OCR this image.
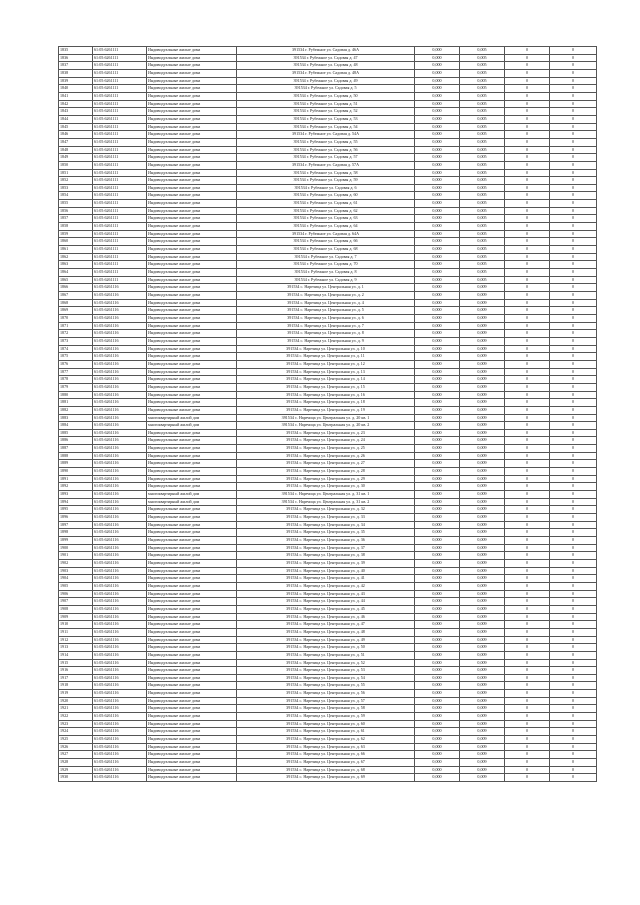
1835	61:05:6261111	Индивидуальные жилые дома	391534 г. Рубежное ул. Садовая д. 46А	0,000	0,005	0	0
1836	61:05:6261111	Индивидуальные жилые дома	391534 г. Рубежное ул. Садовая д. 47	0,000	0,005	0	0
1837	61:05:6261111	Индивидуальные жилые дома	391534 г. Рубежное ул. Садовая д. 48	0,000	0,005	0	0
1838	61:05:6261111	Индивидуальные жилые дома	391534 г. Рубежное ул. Садовая д. 48А	0,000	0,005	0	0
1839	61:05:6261111	Индивидуальные жилые дома	391534 г. Рубежное ул. Садовая д. 49	0,000	0,005	0	0
1840	61:05:6261111	Индивидуальные жилые дома	391534 г. Рубежное ул. Садовая д. 5	0,000	0,005	0	0
1841	61:05:6261111	Индивидуальные жилые дома	391534 г. Рубежное ул. Садовая д. 50	0,000	0,005	0	0
1842	61:05:6261111	Индивидуальные жилые дома	391534 г. Рубежное ул. Садовая д. 51	0,000	0,005	0	0
1843	61:05:6261111	Индивидуальные жилые дома	391534 г. Рубежное ул. Садовая д. 52	0,000	0,005	0	0
1844	61:05:6261111	Индивидуальные жилые дома	391534 г. Рубежное ул. Садовая д. 53	0,000	0,005	0	0
1845	61:05:6261111	Индивидуальные жилые дома	391534 г. Рубежное ул. Садовая д. 54	0,000	0,005	0	0
1846	61:05:6261111	Индивидуальные жилые дома	391534 г. Рубежное ул. Садовая д. 54А	0,000	0,005	0	0
1847	61:05:6261111	Индивидуальные жилые дома	391534 г. Рубежное ул. Садовая д. 55	0,000	0,005	0	0
1848	61:05:6261111	Индивидуальные жилые дома	391534 г. Рубежное ул. Садовая д. 56	0,000	0,005	0	0
1849	61:05:6261111	Индивидуальные жилые дома	391534 г. Рубежное ул. Садовая д. 57	0,000	0,005	0	0
1850	61:05:6261111	Индивидуальные жилые дома	391534 г. Рубежное ул. Садовая д. 57А	0,000	0,005	0	0
1851	61:05:6261111	Индивидуальные жилые дома	391534 г. Рубежное ул. Садовая д. 58	0,000	0,005	0	0
1852	61:05:6261111	Индивидуальные жилые дома	391534 г. Рубежное ул. Садовая д. 59	0,000	0,005	0	0
1853	61:05:6261111	Индивидуальные жилые дома	391534 г. Рубежное ул. Садовая д. 6	0,000	0,005	0	0
1854	61:05:6261111	Индивидуальные жилые дома	391534 г. Рубежное ул. Садовая д. 60	0,000	0,005	0	0
1855	61:05:6261111	Индивидуальные жилые дома	391534 г. Рубежное ул. Садовая д. 61	0,000	0,005	0	0
1856	61:05:6261111	Индивидуальные жилые дома	391534 г. Рубежное ул. Садовая д. 62	0,000	0,005	0	0
1857	61:05:6261111	Индивидуальные жилые дома	391534 г. Рубежное ул. Садовая д. 63	0,000	0,005	0	0
1858	61:05:6261111	Индивидуальные жилые дома	391534 г. Рубежное ул. Садовая д. 64	0,000	0,005	0	0
1859	61:05:6261111	Индивидуальные жилые дома	391534 г. Рубежное ул. Садовая д. 64А	0,000	0,005	0	0
1860	61:05:6261111	Индивидуальные жилые дома	391534 г. Рубежное ул. Садовая д. 66	0,000	0,005	0	0
1861	61:05:6261111	Индивидуальные жилые дома	391534 г. Рубежное ул. Садовая д. 68	0,000	0,005	0	0
1862	61:05:6261111	Индивидуальные жилые дома	391534 г. Рубежное ул. Садовая д. 7	0,000	0,005	0	0
1863	61:05:6261111	Индивидуальные жилые дома	391534 г. Рубежное ул. Садовая д. 70	0,000	0,005	0	0
1864	61:05:6261111	Индивидуальные жилые дома	391534 г. Рубежное ул. Садовая д. 8	0,000	0,005	0	0
1865	61:05:6261111	Индивидуальные жилые дома	391534 г. Рубежное ул. Садовая д. 9	0,000	0,005	0	0
1866	61:05:6261116	Индивидуальные жилые дома	391534 с. Наречица ул. Центральная ул. д. 1	0,000	0,009	0	0
1867	61:05:6261116	Индивидуальные жилые дома	391534 с. Наречица ул. Центральная ул. д. 2	0,000	0,009	0	0
1868	61:05:6261116	Индивидуальные жилые дома	391534 с. Наречица ул. Центральная ул. д. 4	0,000	0,009	0	0
1869	61:05:6261116	Индивидуальные жилые дома	391534 с. Наречица ул. Центральная ул. д. 5	0,000	0,009	0	0
1870	61:05:6261116	Индивидуальные жилые дома	391534 с. Наречица ул. Центральная ул. д. 6	0,000	0,009	0	0
1871	61:05:6261116	Индивидуальные жилые дома	391534 с. Наречица ул. Центральная ул. д. 7	0,000	0,009	0	0
1872	61:05:6261116	Индивидуальные жилые дома	391534 с. Наречица ул. Центральная ул. д. 8	0,000	0,009	0	0
1873	61:05:6261116	Индивидуальные жилые дома	391534 с. Наречица ул. Центральная ул. д. 9	0,000	0,009	0	0
1874	61:05:6261116	Индивидуальные жилые дома	391534 с. Наречица ул. Центральная ул. д. 10	0,000	0,009	0	0
1875	61:05:6261116	Индивидуальные жилые дома	391534 с. Наречица ул. Центральная ул. д. 11	0,000	0,009	0	0
1876	61:05:6261116	Индивидуальные жилые дома	391534 с. Наречица ул. Центральная ул. д. 12	0,000	0,009	0	0
1877	61:05:6261116	Индивидуальные жилые дома	391534 с. Наречица ул. Центральная ул. д. 13	0,000	0,009	0	0
1878	61:05:6261116	Индивидуальные жилые дома	391534 с. Наречица ул. Центральная ул. д. 14	0,000	0,009	0	0
1879	61:05:6261116	Индивидуальные жилые дома	391534 с. Наречица ул. Центральная ул. д. 15	0,000	0,009	0	0
1880	61:05:6261116	Индивидуальные жилые дома	391534 с. Наречица ул. Центральная ул. д. 16	0,000	0,009	0	0
1881	61:05:6261116	Индивидуальные жилые дома	391534 с. Наречица ул. Центральная ул. д. 18	0,000	0,009	0	0
1882	61:05:6261116	Индивидуальные жилые дома	391534 с. Наречица ул. Центральная ул. д. 19	0,000	0,009	0	0
1883	61:05:6261116	многоквартирный жилой дом	391534 с. Наречица ул. Центральная ул. д. 20 кв. 1	0,000	0,009	0	0
1884	61:05:6261116	многоквартирный жилой дом	391534 с. Наречица ул. Центральная ул. д. 20 кв. 2	0,000	0,009	0	0
1885	61:05:6261116	Индивидуальные жилые дома	391534 с. Наречица ул. Центральная ул. д. 23	0,000	0,009	0	0
1886	61:05:6261116	Индивидуальные жилые дома	391534 с. Наречица ул. Центральная ул. д. 24	0,000	0,009	0	0
1887	61:05:6261116	Индивидуальные жилые дома	391534 с. Наречица ул. Центральная ул. д. 25	0,000	0,009	0	0
1888	61:05:6261116	Индивидуальные жилые дома	391534 с. Наречица ул. Центральная ул. д. 26	0,000	0,009	0	0
1889	61:05:6261116	Индивидуальные жилые дома	391534 с. Наречица ул. Центральная ул. д. 27	0,000	0,009	0	0
1890	61:05:6261116	Индивидуальные жилые дома	391534 с. Наречица ул. Центральная ул. д. 28	0,000	0,009	0	0
1891	61:05:6261116	Индивидуальные жилые дома	391534 с. Наречица ул. Центральная ул. д. 29	0,000	0,009	0	0
1892	61:05:6261116	Индивидуальные жилые дома	391534 с. Наречица ул. Центральная ул. д. 30	0,000	0,009	0	0
1893	61:05:6261116	многоквартирный жилой дом	391534 с. Наречица ул. Центральная ул. д. 31 кв. 1	0,000	0,009	0	0
1894	61:05:6261116	многоквартирный жилой дом	391534 с. Наречица ул. Центральная ул. д. 31 кв. 2	0,000	0,009	0	0
1895	61:05:6261116	Индивидуальные жилые дома	391534 с. Наречица ул. Центральная ул. д. 32	0,000	0,009	0	0
1896	61:05:6261116	Индивидуальные жилые дома	391534 с. Наречица ул. Центральная ул. д. 33	0,000	0,009	0	0
1897	61:05:6261116	Индивидуальные жилые дома	391534 с. Наречица ул. Центральная ул. д. 34	0,000	0,009	0	0
1898	61:05:6261116	Индивидуальные жилые дома	391534 с. Наречица ул. Центральная ул. д. 35	0,000	0,009	0	0
1899	61:05:6261116	Индивидуальные жилые дома	391534 с. Наречица ул. Центральная ул. д. 36	0,000	0,009	0	0
1900	61:05:6261116	Индивидуальные жилые дома	391534 с. Наречица ул. Центральная ул. д. 37	0,000	0,009	0	0
1901	61:05:6261116	Индивидуальные жилые дома	391534 с. Наречица ул. Центральная ул. д. 38	0,000	0,009	0	0
1902	61:05:6261116	Индивидуальные жилые дома	391534 с. Наречица ул. Центральная ул. д. 39	0,000	0,009	0	0
1903	61:05:6261116	Индивидуальные жилые дома	391534 с. Наречица ул. Центральная ул. д. 40	0,000	0,009	0	0
1904	61:05:6261116	Индивидуальные жилые дома	391534 с. Наречица ул. Центральная ул. д. 41	0,000	0,009	0	0
1905	61:05:6261116	Индивидуальные жилые дома	391534 с. Наречица ул. Центральная ул. д. 42	0,000	0,009	0	0
1906	61:05:6261116	Индивидуальные жилые дома	391534 с. Наречица ул. Центральная ул. д. 43	0,000	0,009	0	0
1907	61:05:6261116	Индивидуальные жилые дома	391534 с. Наречица ул. Центральная ул. д. 44	0,000	0,009	0	0
1908	61:05:6261116	Индивидуальные жилые дома	391534 с. Наречица ул. Центральная ул. д. 45	0,000	0,009	0	0
1909	61:05:6261116	Индивидуальные жилые дома	391534 с. Наречица ул. Центральная ул. д. 46	0,000	0,009	0	0
1910	61:05:6261116	Индивидуальные жилые дома	391534 с. Наречица ул. Центральная ул. д. 47	0,000	0,009	0	0
1911	61:05:6261116	Индивидуальные жилые дома	391534 с. Наречица ул. Центральная ул. д. 48	0,000	0,009	0	0
1912	61:05:6261116	Индивидуальные жилые дома	391534 с. Наречица ул. Центральная ул. д. 49	0,000	0,009	0	0
1913	61:05:6261116	Индивидуальные жилые дома	391534 с. Наречица ул. Центральная ул. д. 50	0,000	0,009	0	0
1914	61:05:6261116	Индивидуальные жилые дома	391534 с. Наречица ул. Центральная ул. д. 51	0,000	0,009	0	0
1915	61:05:6261116	Индивидуальные жилые дома	391534 с. Наречица ул. Центральная ул. д. 52	0,000	0,009	0	0
1916	61:05:6261116	Индивидуальные жилые дома	391534 с. Наречица ул. Центральная ул. д. 53	0,000	0,009	0	0
1917	61:05:6261116	Индивидуальные жилые дома	391534 с. Наречица ул. Центральная ул. д. 54	0,000	0,009	0	0
1918	61:05:6261116	Индивидуальные жилые дома	391534 с. Наречица ул. Центральная ул. д. 55	0,000	0,009	0	0
1919	61:05:6261116	Индивидуальные жилые дома	391534 с. Наречица ул. Центральная ул. д. 56	0,000	0,009	0	0
1920	61:05:6261116	Индивидуальные жилые дома	391534 с. Наречица ул. Центральная ул. д. 57	0,000	0,009	0	0
1921	61:05:6261116	Индивидуальные жилые дома	391534 с. Наречица ул. Центральная ул. д. 58	0,000	0,009	0	0
1922	61:05:6261116	Индивидуальные жилые дома	391534 с. Наречица ул. Центральная ул. д. 59	0,000	0,009	0	0
1923	61:05:6261116	Индивидуальные жилые дома	391534 с. Наречица ул. Центральная ул. д. 60	0,000	0,009	0	0
1924	61:05:6261116	Индивидуальные жилые дома	391534 с. Наречица ул. Центральная ул. д. 61	0,000	0,009	0	0
1925	61:05:6261116	Индивидуальные жилые дома	391534 с. Наречица ул. Центральная ул. д. 62	0,000	0,009	0	0
1926	61:05:6261116	Индивидуальные жилые дома	391534 с. Наречица ул. Центральная ул. д. 63	0,000	0,009	0	0
1927	61:05:6261116	Индивидуальные жилые дома	391534 с. Наречица ул. Центральная ул. д. 66	0,000	0,009	0	0
1928	61:05:6261116	Индивидуальные жилые дома	391534 с. Наречица ул. Центральная ул. д. 67	0,000	0,009	0	0
1929	61:05:6261116	Индивидуальные жилые дома	391534 с. Наречица ул. Центральная ул. д. 68	0,000	0,009	0	0
1930	61:05:6261116	Индивидуальные жилые дома	391534 с. Наречица ул. Центральная ул. д. 69	0,000	0,009	0	0
